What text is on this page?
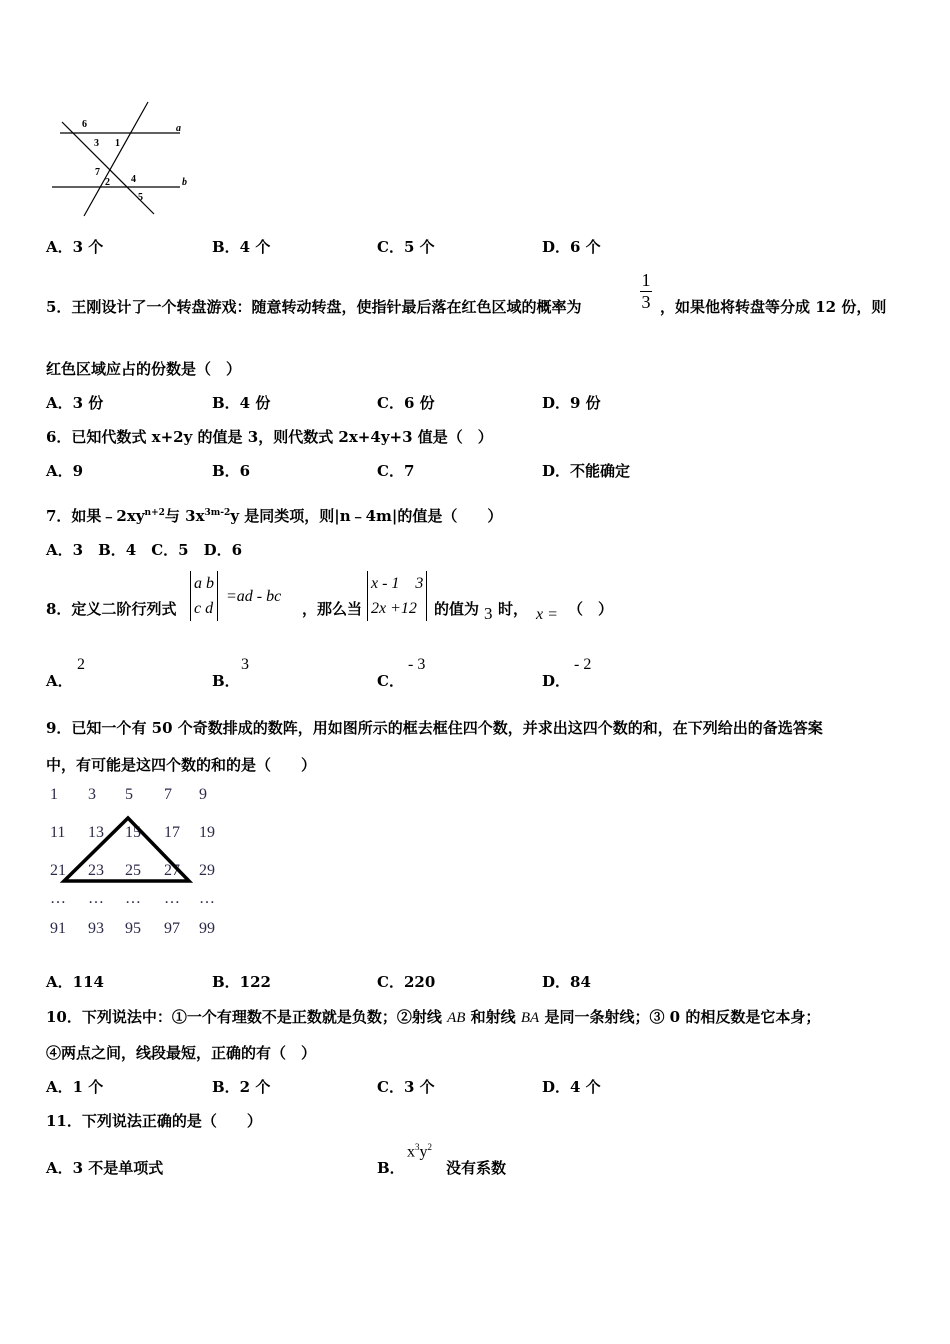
6
3 1
a
7
2 4	b
5
A．3 个	B．4 个	C．5 个	D．6 个
5．王刚设计了一个转盘游戏：随意转动转盘，使指针最后落在红色区域的概率为
1
3 ，如果他将转盘等分成 12 份，则
红色区域应占的份数是（　）
A．3 份	B．4 份	C．6 份	D．9 份
6．已知代数式 x+2y 的值是 3，则代数式 2x+4y+3 值是（　）
A．9	B．6	C．7	D．不能确定
7．如果$﹣2xy^{n+2}$与 $3x^{3m-2}y$ 是同类项，则|n﹣4m|的值是（　　）
A．3　B．4　C．5　D．6
8．定义二阶行列式
a b
c d
=ad - bc
，那么当
x - 1　3
2x +12	的值为 3 时， x = （　）
A．
2
B．
3
C．
- 3
D．
- 2
9．已知一个有 50 个奇数排成的数阵，用如图所示的框去框住四个数，并求出这四个数的和，在下列给出的备选答案
中，有可能是这四个数的和的是（　　）
1 3 5 7 9
11 13 15 17 19
21 23 25 27 29
… … … … …
91 93 95 97 99
A．114	B．122	C．220	D．84
10．下列说法中：①一个有理数不是正数就是负数；②射线 AB 和射线 BA 是同一条射线；③ 0 的相反数是它本身；
④两点之间，线段最短，正确的有（　）
A．1 个	B．2 个	C．3 个	D．4 个
11．下列说法正确的是（　　）
A．3 不是单项式	B．
$x^3y^2$
没有系数
